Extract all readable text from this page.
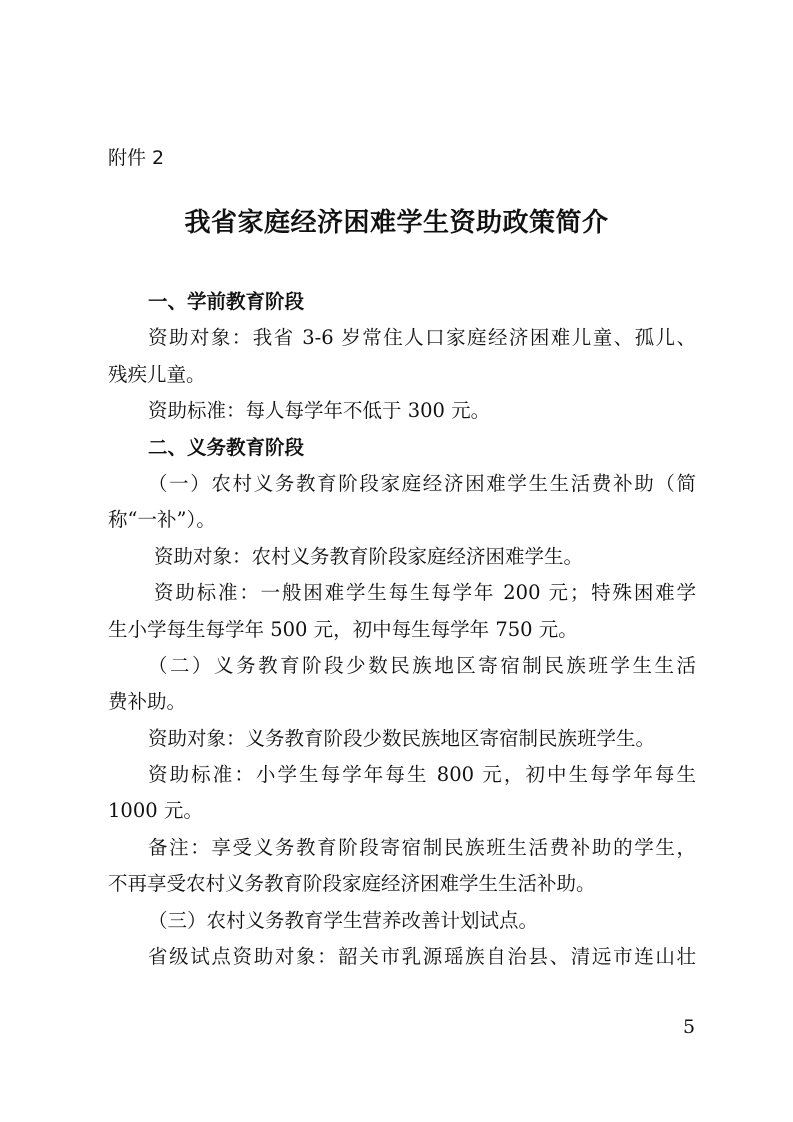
附件 2
我省家庭经济困难学生资助政策简介
一、学前教育阶段
资助对象：我省 3-6 岁常住人口家庭经济困难儿童、孤儿、
残疾儿童。
资助标准：每人每学年不低于 300 元。
二、义务教育阶段
（一）农村义务教育阶段家庭经济困难学生生活费补助（简
称“一补”）。
资助对象：农村义务教育阶段家庭经济困难学生。
资助标准：一般困难学生每生每学年 200 元；特殊困难学
生小学每生每学年 500 元，初中每生每学年 750 元。
（二）义务教育阶段少数民族地区寄宿制民族班学生生活
费补助。
资助对象：义务教育阶段少数民族地区寄宿制民族班学生。
资助标准：小学生每学年每生 800 元，初中生每学年每生
1000 元。
备注：享受义务教育阶段寄宿制民族班生活费补助的学生，
不再享受农村义务教育阶段家庭经济困难学生生活补助。
（三）农村义务教育学生营养改善计划试点。
省级试点资助对象：韶关市乳源瑶族自治县、清远市连山壮
5
